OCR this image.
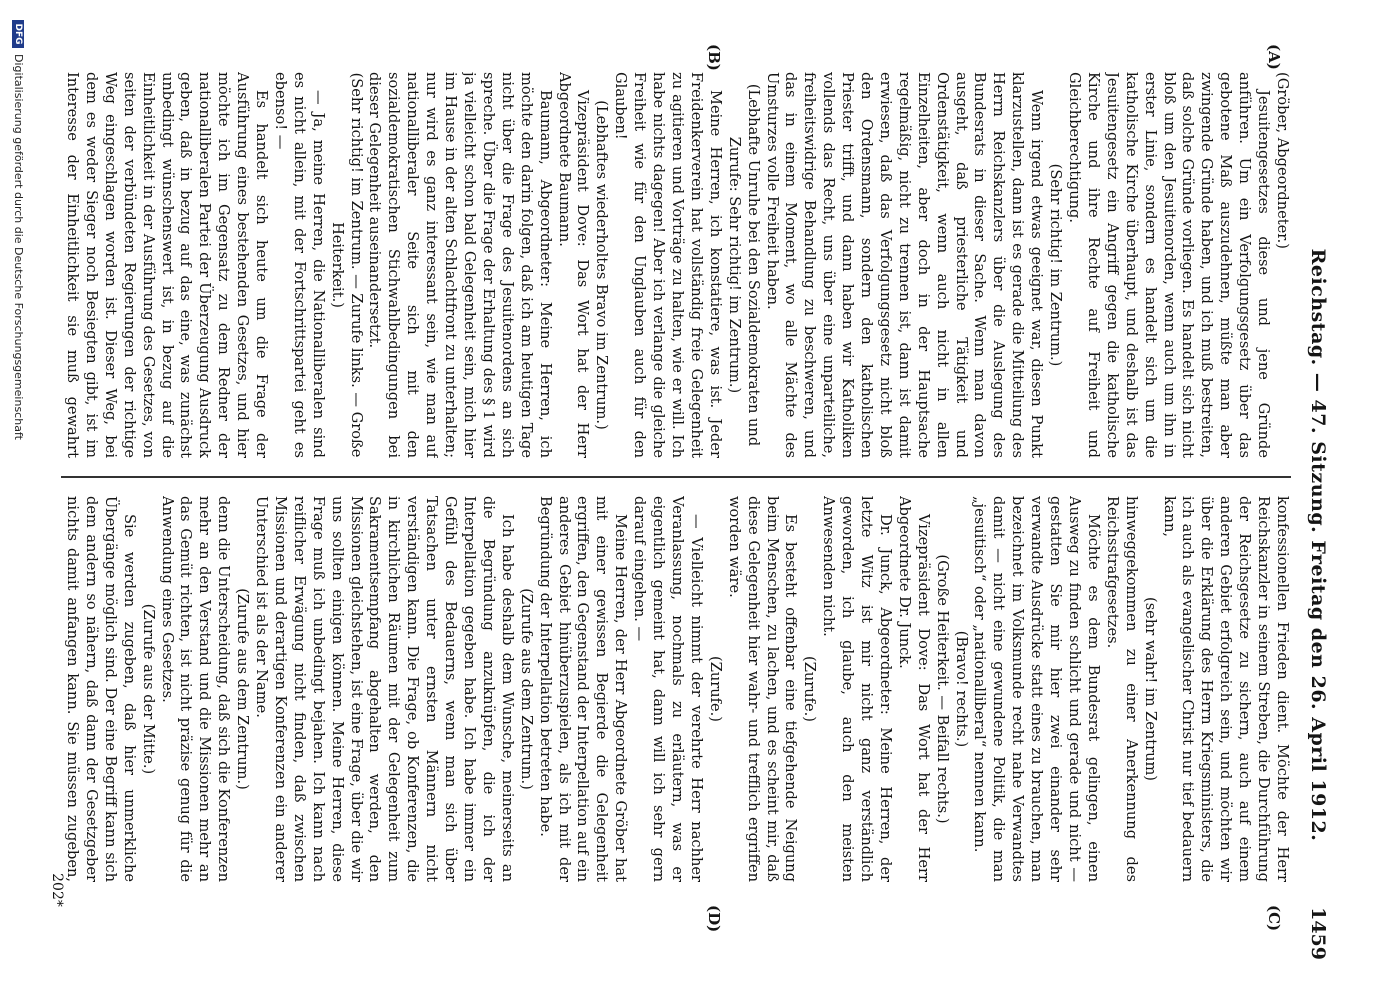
Reichstag. — 47. Sitzung. Freitag den 26. April 1912.
1459
(A)
(B)
(C)
(D)

(Gröber, Abgeordneter.)

Jesuitengesetzes diese und jene Gründe anführen. Um ein Verfolgungsgesetz über das gebotene Maß auszudehnen, müßte man aber zwingende Gründe haben, und ich muß bestreiten, daß solche Gründe vorliegen. Es handelt sich nicht bloß um den Jesuitenorden, wenn auch um ihn in erster Linie, sondern es handelt sich um die katholische Kirche überhaupt, und deshalb ist das Jesuitengesetz ein Angriff gegen die katholische Kirche und ihre Rechte auf Freiheit und Gleichberechtigung.

(Sehr richtig! im Zentrum.)

Wenn irgend etwas geeignet war, diesen Punkt klarzustellen, dann ist es gerade die Mitteilung des Herrn Reichskanzlers über die Auslegung des Bundesrats in dieser Sache. Wenn man davon ausgeht, daß priesterliche Tätigkeit und Ordenstätigkeit, wenn auch nicht in allen Einzelheiten, aber doch in der Hauptsache regelmäßig, nicht zu trennen ist, dann ist damit erwiesen, daß das Verfolgungsgesetz nicht bloß den Ordensmann, sondern den katholischen Priester trifft, und dann haben wir Katholiken vollends das Recht, uns über eine unparteiliche, freiheitswidrige Behandlung zu beschweren, und das in einem Moment, wo alle Mächte des Umsturzes volle Freiheit haben.

(Lebhafte Unruhe bei den Sozialdemokraten und Zurufe: Sehr richtig! im Zentrum.)

Meine Herren, ich konstatiere, was ist. Jeder Freidenkerverein hat vollständig freie Gelegenheit zu agitieren und Vorträge zu halten, wie er will. Ich habe nichts dagegen! Aber ich verlange die gleiche Freiheit wie für den Unglauben auch für den Glauben!

(Lebhaftes wiederholtes Bravo im Zentrum.)

Vizepräsident Dove: Das Wort hat der Herr Abgeordnete Baumann.

Baumann, Abgeordneter: Meine Herren, ich möchte den darin folgen, daß ich am heutigen Tage nicht über die Frage des Jesuitenordens an sich spreche. Über die Frage der Erhaltung des § 1 wird ja vielleicht schon bald Gelegenheit sein, mich hier im Hause in der alten Schlachtfront zu unterhalten; nur wird es ganz interessant sein, wie man auf nationalliberaler Seite sich mit den sozialdemokratischen Stichwahlbedingungen bei dieser Gelegenheit auseinandersetzt.

(Sehr richtig! im Zentrum. — Zurufe links. — Große Heiterkeit.)

— Ja, meine Herren, die Nationalliberalen sind es nicht allein, mit der Fortschrittspartei geht es ebenso! —

Es handelt sich heute um die Frage der Ausführung eines bestehenden Gesetzes, und hier möchte ich im Gegensatz zu dem Redner der nationalliberalen Partei der Überzeugung Ausdruck geben, daß in bezug auf das eine, was zunächst unbedingt wünschenswert ist, in bezug auf die Einheitlichkeit in der Ausführung des Gesetzes, von seiten der verbündeten Regierungen der richtige Weg eingeschlagen worden ist. Dieser Weg, bei dem es weder Sieger noch Besiegten gibt, ist im Interesse der Einheitlichkeit sie muß gewahrt

konfessionellen Frieden dient. Möchte der Herr Reichskanzler in seinem Streben, die Durchführung der Reichsgesetze zu sichern, auch auf einem anderen Gebiet erfolgreich sein, und möchten wir über die Erklärung des Herrn Kriegsministers, die ich auch als evangelischer Christ nur tief bedauern kann,

(sehr wahr! im Zentrum)

hinweggekommen zu einer Anerkennung des Reichsstrafgesetzes.

Möchte es dem Bundesrat gelingen, einen Ausweg zu finden schlicht und gerade und nicht — gestatten Sie mir hier zwei einander sehr verwandte Ausdrücke statt eines zu brauchen, man bezeichnet im Volksmunde recht nahe Verwandtes damit — nicht eine gewundene Politik, die man „jesuitisch“ oder „nationalliberal“ nennen kann.

(Bravo! rechts.)

(Große Heiterkeit. — Beifall rechts.)

Vizepräsident Dove: Das Wort hat der Herr Abgeordnete Dr. Junck.

Dr. Junck, Abgeordneter: Meine Herren, der letzte Witz ist mir nicht ganz verständlich geworden, ich glaube, auch den meisten Anwesenden nicht.

(Zurufe.)

Es besteht offenbar eine tiefgehende Neigung beim Menschen, zu lachen, und es scheint mir, daß diese Gelegenheit hier wahr- und trefflich ergriffen worden wäre.

(Zurufe.)

— Vielleicht nimmt der verehrte Herr nachher Veranlassung, nochmals zu erläutern, was er eigentlich gemeint hat, dann will ich sehr gern darauf eingehen. —

Meine Herren, der Herr Abgeordnete Gröber hat mit einer gewissen Begierde die Gelegenheit ergriffen, den Gegenstand der Interpellation auf ein anderes Gebiet hinüberzuspielen, als ich mit der Begründung der Interpellation betreten habe.

(Zurufe aus dem Zentrum.)

Ich habe deshalb dem Wunsche, meinerseits an die Begründung anzuknüpfen, die ich der Interpellation gegeben habe. Ich habe immer ein Gefühl des Bedauerns, wenn man sich über Tatsachen unter ernsten Männern nicht verständigen kann. Die Frage, ob Konferenzen, die in kirchlichen Räumen mit der Gelegenheit zum Sakramentsempfang abgehalten werden, den Missionen gleichstehen, ist eine Frage, über die wir uns sollten einigen können. Meine Herren, diese Frage muß ich unbedingt bejahen. Ich kann nach reiflicher Erwägung nicht finden, daß zwischen Missionen und derartigen Konferenzen ein anderer Unterschied ist als der Name.

(Zurufe aus dem Zentrum.)

denn die Unterscheidung, daß sich die Konferenzen mehr an den Verstand und die Missionen mehr an das Gemüt richten, ist nicht präzise genug für die Anwendung eines Gesetzes.

(Zurufe aus der Mitte.)

Sie werden zugeben, daß hier unmerkliche Übergänge möglich sind. Der eine Begriff kann sich dem andern so nähern, daß dann der Gesetzgeber nichts damit anfangen kann. Sie müssen zugeben,

202*
DFG
Digitalisierung gefördert durch die Deutsche Forschungsgemeinschaft
